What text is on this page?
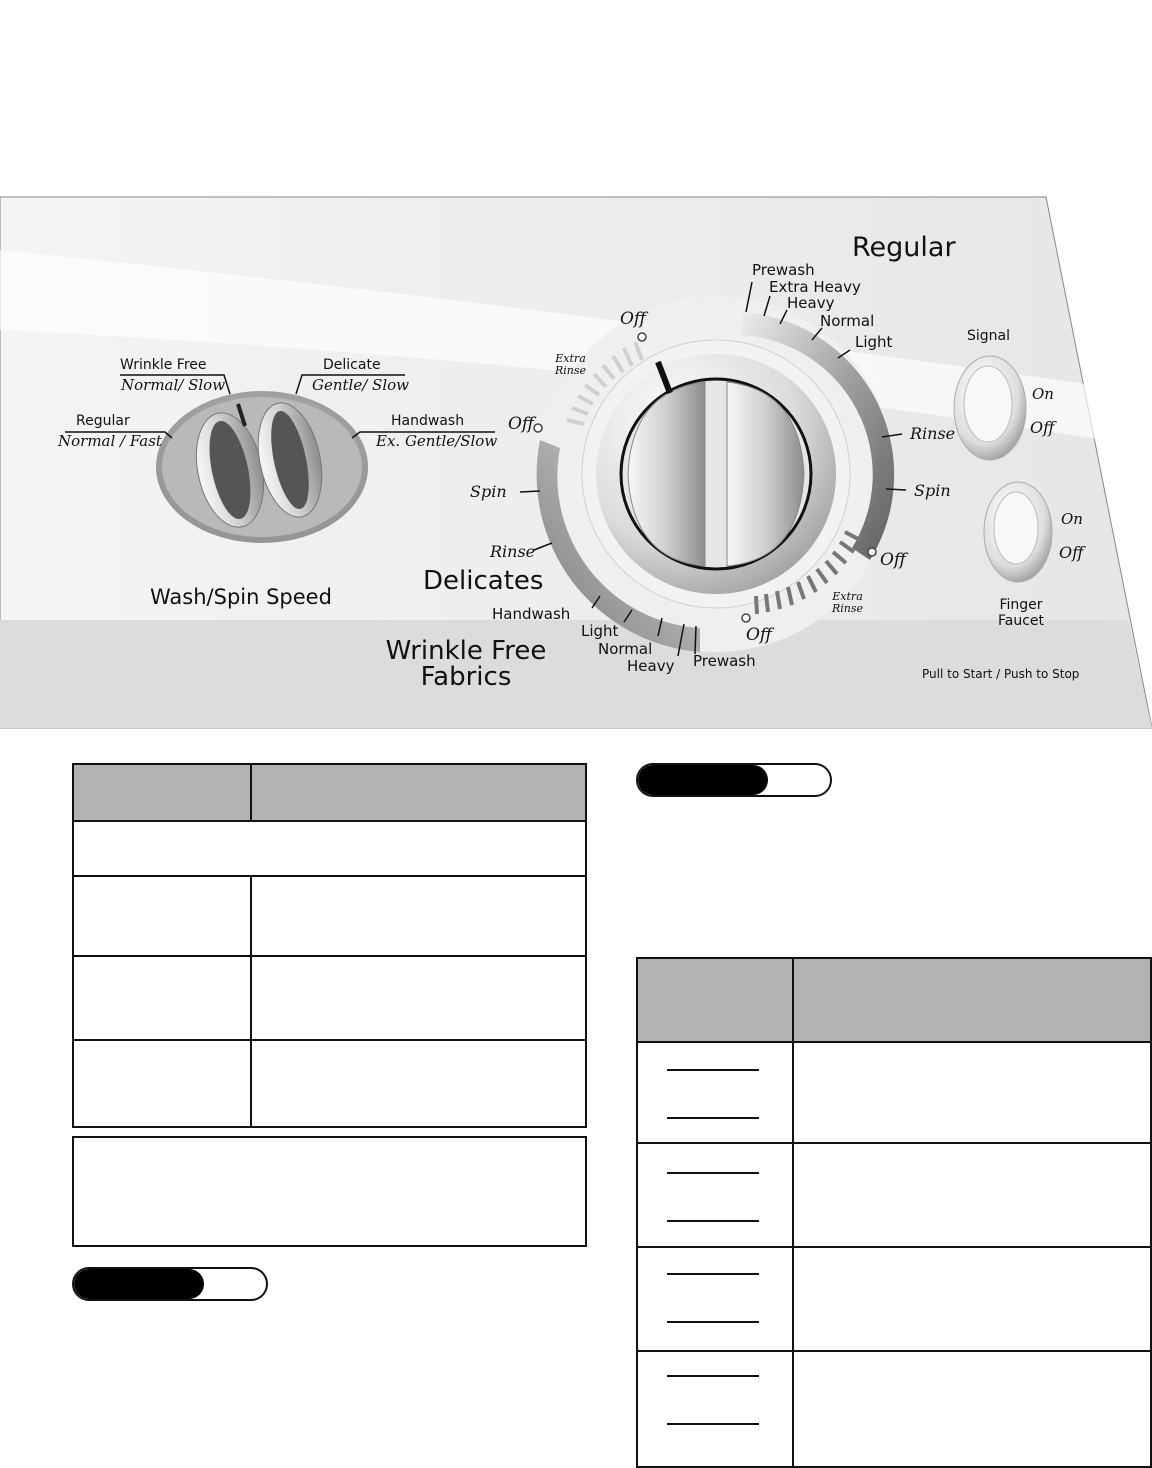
Regular
Delicates
Wrinkle Free
Fabrics
Wash/Spin Speed
Pull to Start / Push to Stop
Wrinkle Free
Normal/ Slow
Delicate
Gentle/ Slow
Regular
Normal / Fast
Handwash
Ex. Gentle/Slow
Prewash
Extra Heavy
Heavy
Normal
Light
Rinse
Spin
Off
Extra
Rinse
Off
Extra
Rinse
Off
Spin
Rinse
Handwash
Light
Normal
Heavy Prewash
Off
Signal
On
Off
Finger
Faucet
On
Off
